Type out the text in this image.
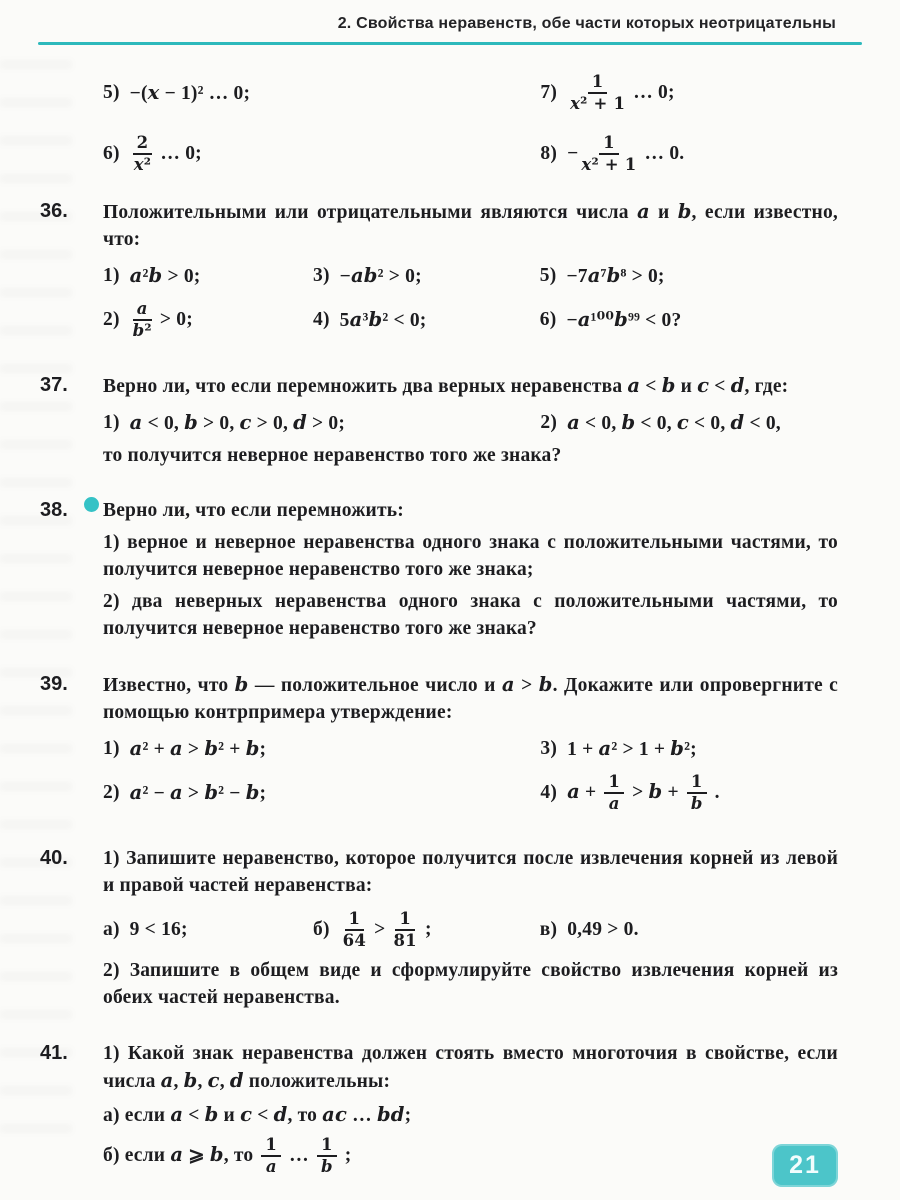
2. Свойства неравенств, обе части которых неотрицательны
5) −(x − 1)² … 0;	$7) \frac{1}{\text{x² + 1}}$ … 0;
$6) \frac{2}{\text{x²}}$ … 0;	$8) - \frac{1}{\text{x² + 1}}$ … 0.
36.	Положительными или отрицательными являются числа a и b, если известно, что:

1) a²b > 0;	3) −ab² > 0;	5) −7a⁷b⁸ > 0;
$2) \frac{a}{\text{b²}} > 0$;	4) 5a³b² < 0;	6) −a¹⁰⁰b⁹⁹ < 0?
37.	Верно ли, что если перемножить два верных неравенства a < b и c < d, где:

1) a < 0, b > 0, c > 0, d > 0;	2) a < 0, b < 0, c < 0, d < 0,

то получится неверное неравенство того же знака?

38.	Верно ли, что если перемножить:

1) верное и неверное неравенства одного знака с положительными частями, то получится неверное неравенство того же знака;

2) два неверных неравенства одного знака с положительными частями, то получится неверное неравенство того же знака?

39.	Известно, что b — положительное число и a > b. Докажите или опровергните с помощью контрпримера утверждение:

1) a² + a > b² + b;	3) 1 + a² > 1 + b²;
2) a² − a > b² − b;	4) $a + \frac{1}{a} > b + \frac{1}{b}$ .
40.	1) Запишите неравенство, которое получится после извлечения корней из левой и правой частей неравенства:

а) 9 < 16;	$б) \frac{1}{64} > \frac{1}{81}$ ;	в) 0,49 > 0.

2) Запишите в общем виде и сформулируйте свойство извлечения корней из обеих частей неравенства.

41.	1) Какой знак неравенства должен стоять вместо многоточия в свойстве, если числа a, b, c, d положительны:

а) если a < b и c < d, то ac … bd;

б) если a ⩾ b, то $\frac{1}{a}$ … $\frac{1}{b}$ ;	21
